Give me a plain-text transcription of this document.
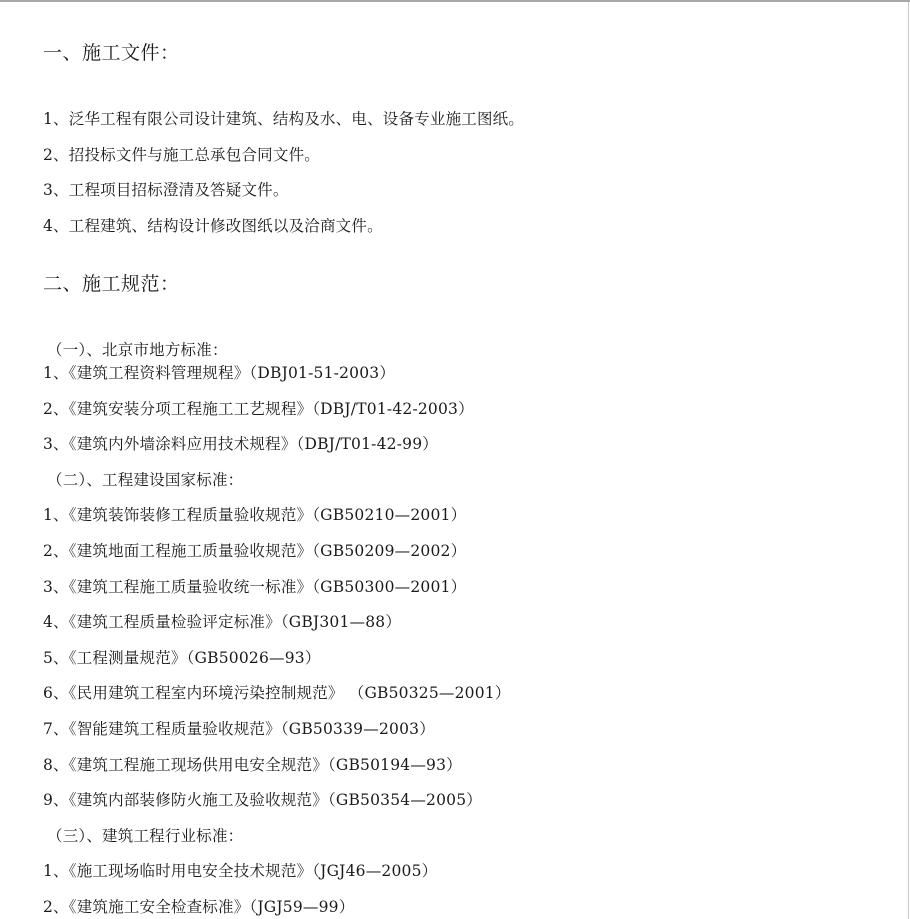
一、施工文件：
1、泛华工程有限公司设计建筑、结构及水、电、设备专业施工图纸。
2、招投标文件与施工总承包合同文件。
3、工程项目招标澄清及答疑文件。
4、工程建筑、结构设计修改图纸以及洽商文件。
二、施工规范：
（一）、北京市地方标准：
1、《建筑工程资料管理规程》（DBJ01-51-2003）
2、《建筑安装分项工程施工工艺规程》（DBJ/T01-42-2003）
3、《建筑内外墙涂料应用技术规程》（DBJ/T01-42-99）
（二）、工程建设国家标准：
1、《建筑装饰装修工程质量验收规范》（GB50210—2001）
2、《建筑地面工程施工质量验收规范》（GB50209—2002）
3、《建筑工程施工质量验收统一标准》（GB50300—2001）
4、《建筑工程质量检验评定标准》（GBJ301—88）
5、《工程测量规范》（GB50026—93）
6、《民用建筑工程室内环境污染控制规范》 （GB50325—2001）
7、《智能建筑工程质量验收规范》（GB50339—2003）
8、《建筑工程施工现场供用电安全规范》（GB50194—93）
9、《建筑内部装修防火施工及验收规范》（GB50354—2005）
（三）、建筑工程行业标准：
1、《施工现场临时用电安全技术规范》（JGJ46—2005）
2、《建筑施工安全检查标准》（JGJ59—99）
